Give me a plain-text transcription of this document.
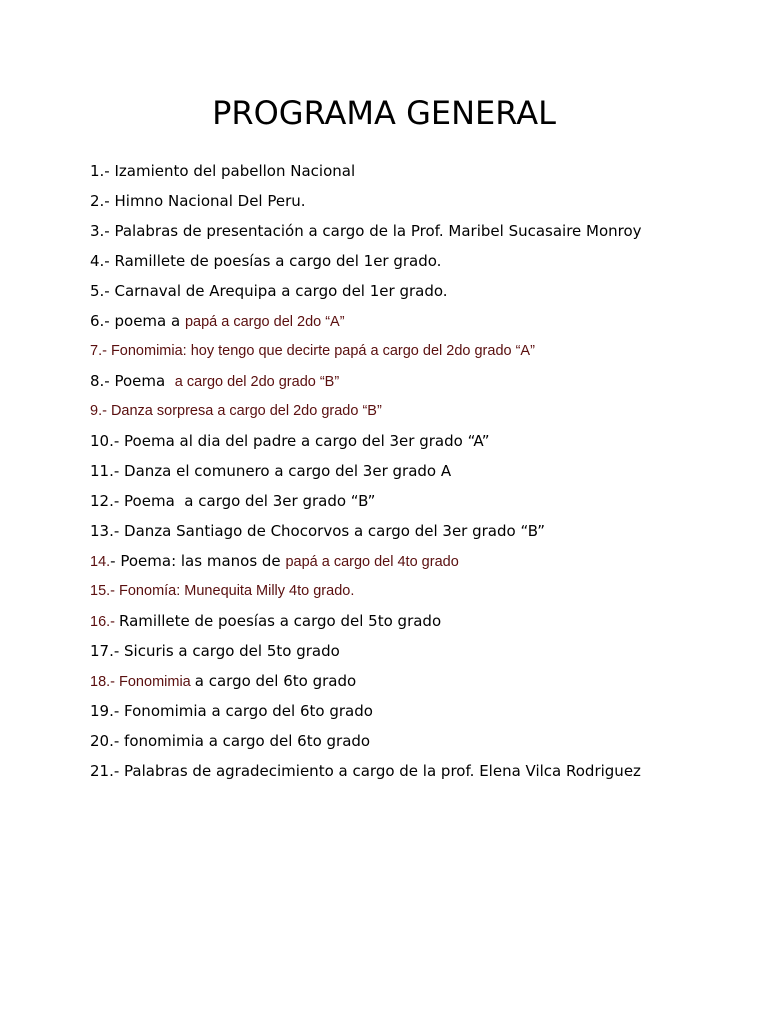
PROGRAMA GENERAL
1.- Izamiento del pabellon Nacional
2.- Himno Nacional Del Peru.
3.- Palabras de presentación a cargo de la Prof. Maribel Sucasaire Monroy
4.- Ramillete de poesías a cargo del 1er grado.
5.- Carnaval de Arequipa a cargo del 1er grado.
6.- poema a papá a cargo del 2do “A”
7.- Fonomimia: hoy tengo que decirte papá a cargo del 2do grado “A”
8.- Poema  a cargo del 2do grado “B”
9.- Danza sorpresa a cargo del 2do grado “B”
10.- Poema al dia del padre a cargo del 3er grado “A”
11.- Danza el comunero a cargo del 3er grado A
12.- Poema  a cargo del 3er grado “B”
13.- Danza Santiago de Chocorvos a cargo del 3er grado “B”
14.- Poema: las manos de papá a cargo del 4to grado
15.- Fonomía: Munequita Milly 4to grado.
16.- Ramillete de poesías a cargo del 5to grado
17.- Sicuris a cargo del 5to grado
18.- Fonomimia a cargo del 6to grado
19.- Fonomimia a cargo del 6to grado
20.- fonomimia a cargo del 6to grado
21.- Palabras de agradecimiento a cargo de la prof. Elena Vilca Rodriguez
